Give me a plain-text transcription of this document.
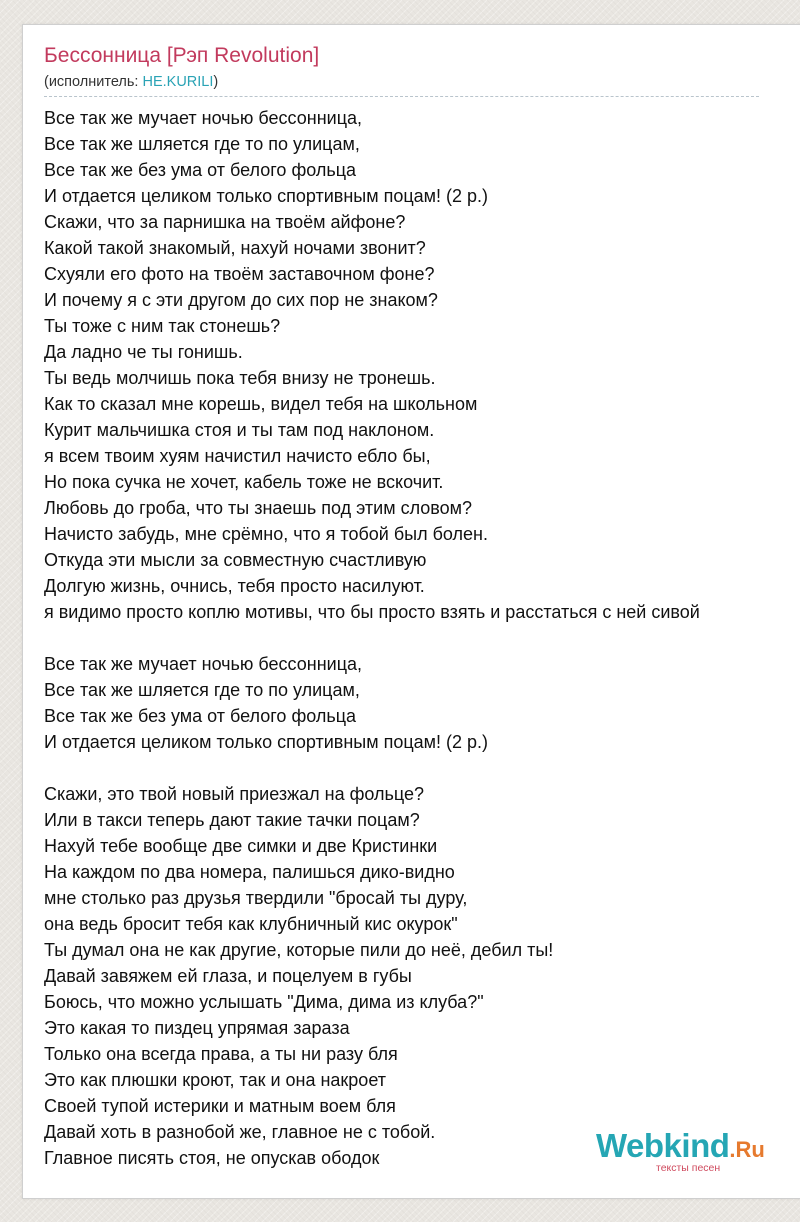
Бессонница [Рэп Revolution]
(исполнитель: НЕ.KURILI)
Все так же мучает ночью бессонница,
Все так же шляется где то по улицам,
Все так же без ума от белого фольца
И отдается целиком только спортивным поцам! (2 р.)
Скажи, что за парнишка на твоём айфоне?
Какой такой знакомый, нахуй ночами звонит?
Схуяли его фото на твоём заставочном фоне?
И почему я с эти другом до сих пор не знаком?
Ты тоже с ним так стонешь?
Да ладно че ты гонишь.
Ты ведь молчишь пока тебя внизу не тронешь.
Как то сказал мне корешь, видел тебя на школьном
Курит мальчишка стоя и ты там под наклоном.
я всем твоим хуям начистил начисто ебло бы,
Но пока сучка не хочет, кабель тоже не вскочит.
Любовь до гроба, что ты знаешь под этим словом?
Начисто забудь, мне срёмно, что я тобой был болен.
Откуда эти мысли за совместную счастливую
Долгую жизнь, очнись, тебя просто насилуют.
я видимо просто коплю мотивы, что бы просто взять и расстаться с ней сивой
Все так же мучает ночью бессонница,
Все так же шляется где то по улицам,
Все так же без ума от белого фольца
И отдается целиком только спортивным поцам! (2 р.)
Скажи, это твой новый приезжал на фольце?
Или в такси теперь дают такие тачки поцам?
Нахуй тебе вообще две симки и две Кристинки
На каждом по два номера, палишься дико-видно
мне столько раз друзья твердили "бросай ты дуру,
она ведь бросит тебя как клубничный кис окурок"
Ты думал она не как другие, которые пили до неё, дебил ты!
Давай завяжем ей глаза, и поцелуем в губы
Боюсь, что можно услышать "Дима, дима из клуба?"
Это какая то пиздец упрямая зараза
Только она всегда права, а ты ни разу бля
Это как плюшки кроют, так и она накроет
Своей тупой истерики и матным воем бля
Давай хоть в разнобой же, главное не с тобой.
Главное писять стоя, не опускав ободок	Webkind.Ru
тексты песен
